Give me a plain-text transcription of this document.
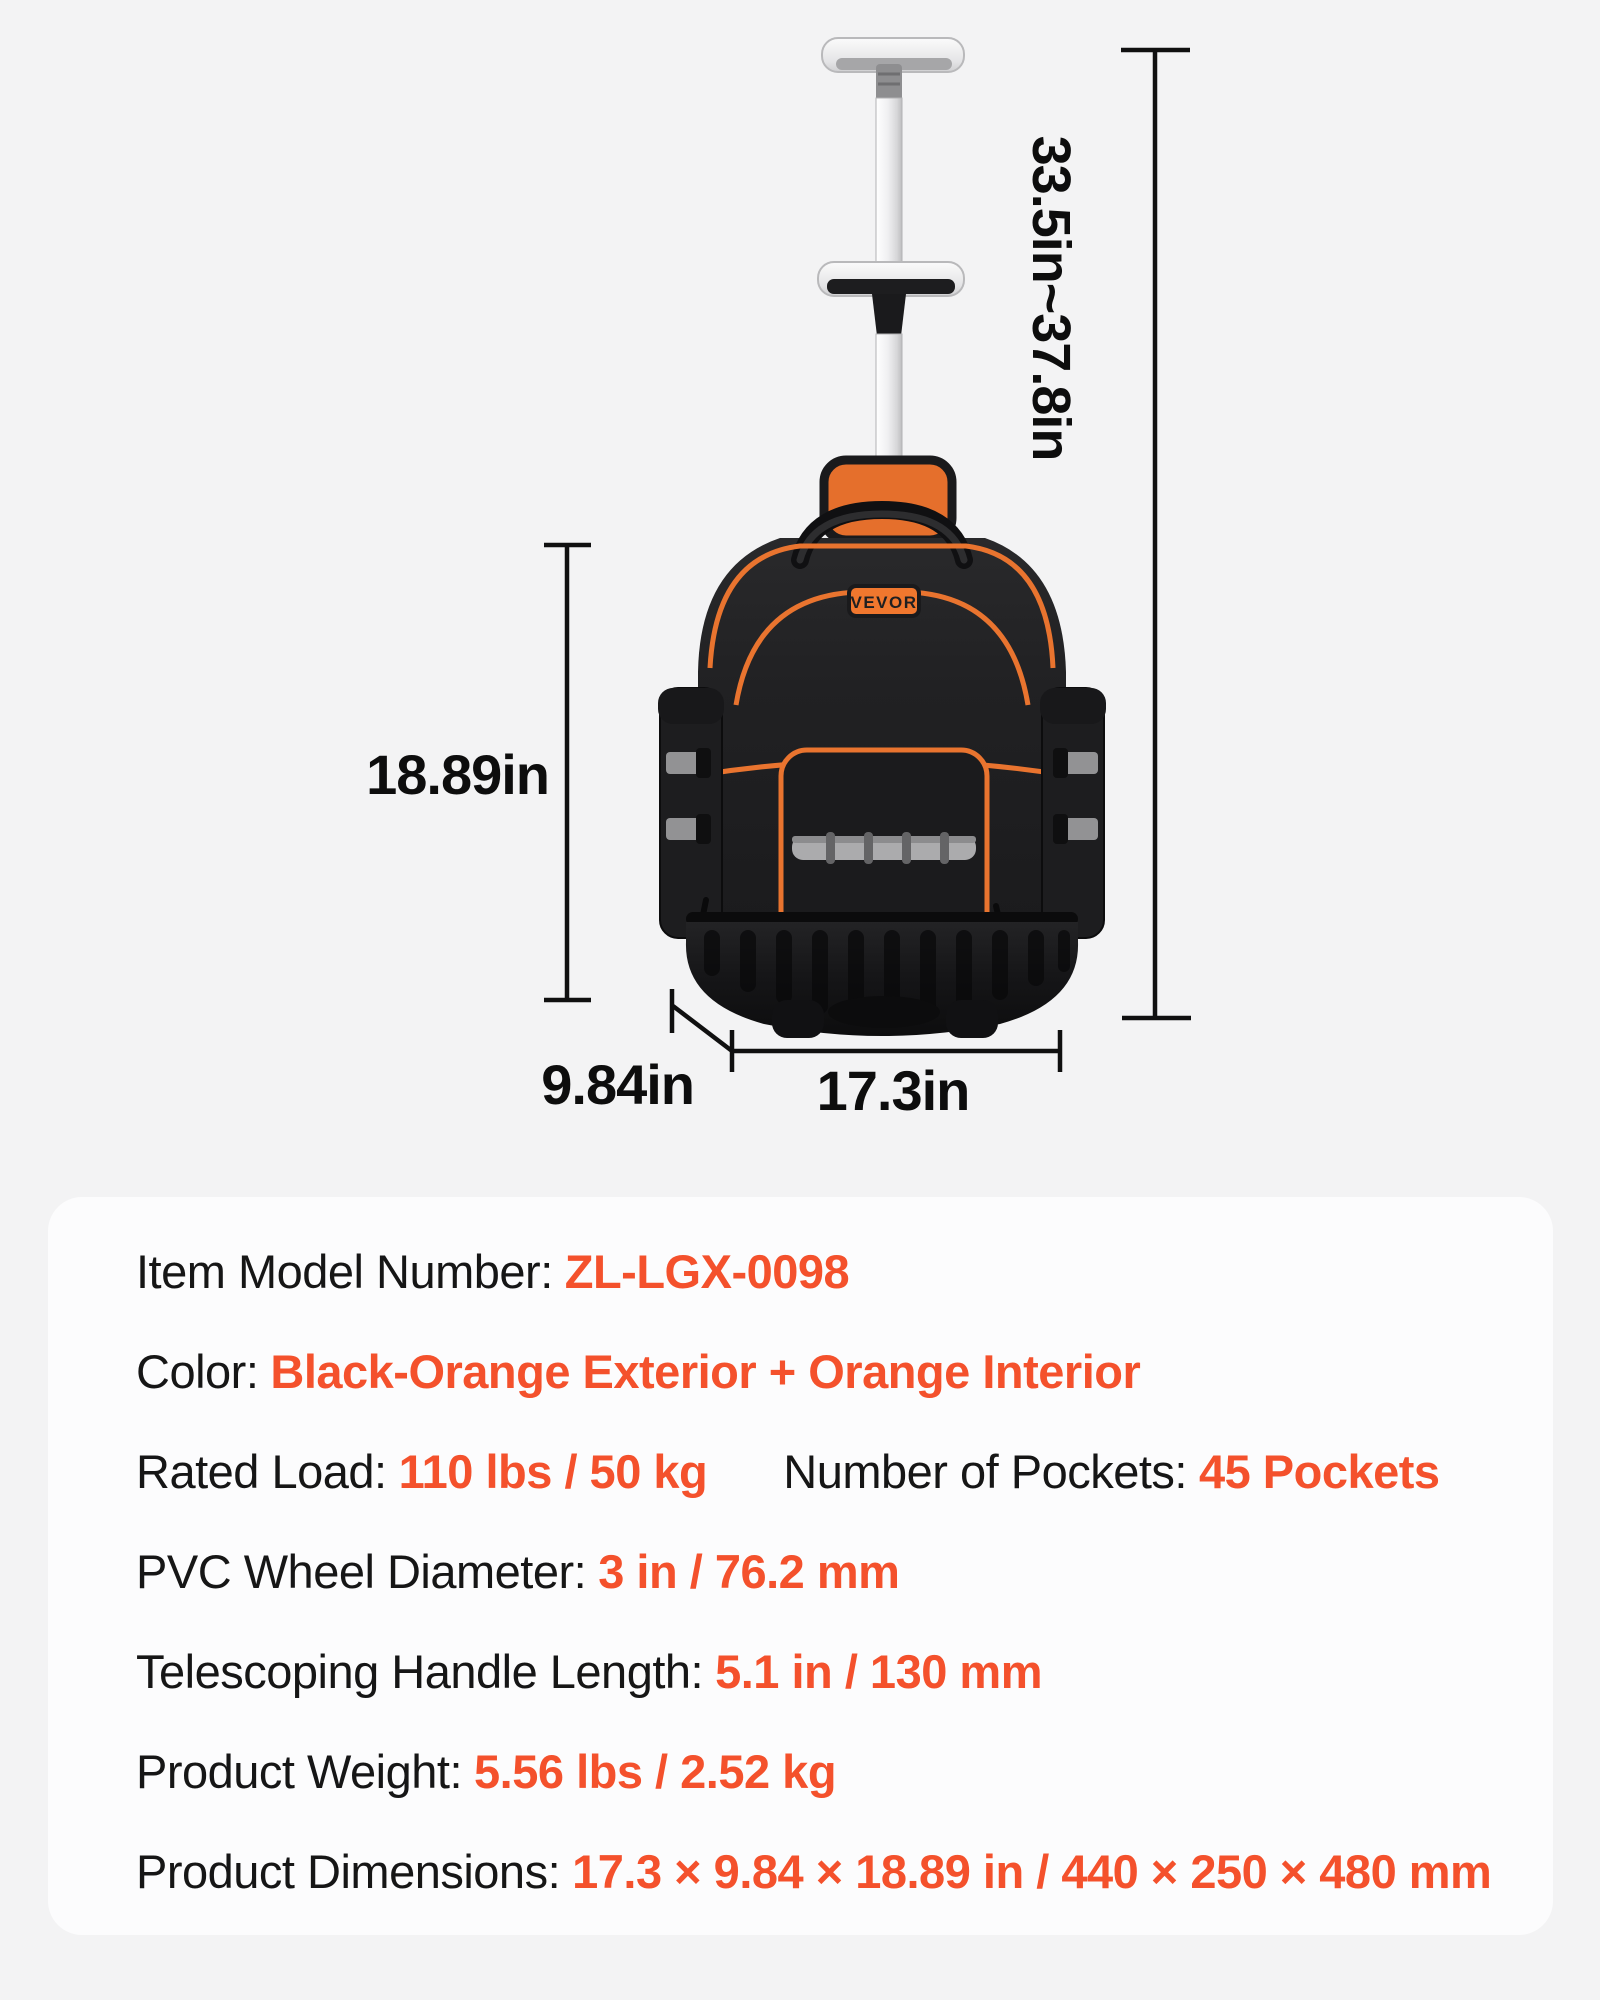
VEVOR
33.5in~37.8in
18.89in
9.84in 17.3in
Item Model Number: ZL-LGX-0098
Color: Black-Orange Exterior + Orange Interior
Rated Load: 110 lbs / 50 kg Number of Pockets: 45 Pockets
PVC Wheel Diameter: 3 in / 76.2 mm
Telescoping Handle Length: 5.1 in / 130 mm
Product Weight: 5.56 lbs / 2.52 kg
Product Dimensions: 17.3 × 9.84 × 18.89 in / 440 × 250 × 480 mm
